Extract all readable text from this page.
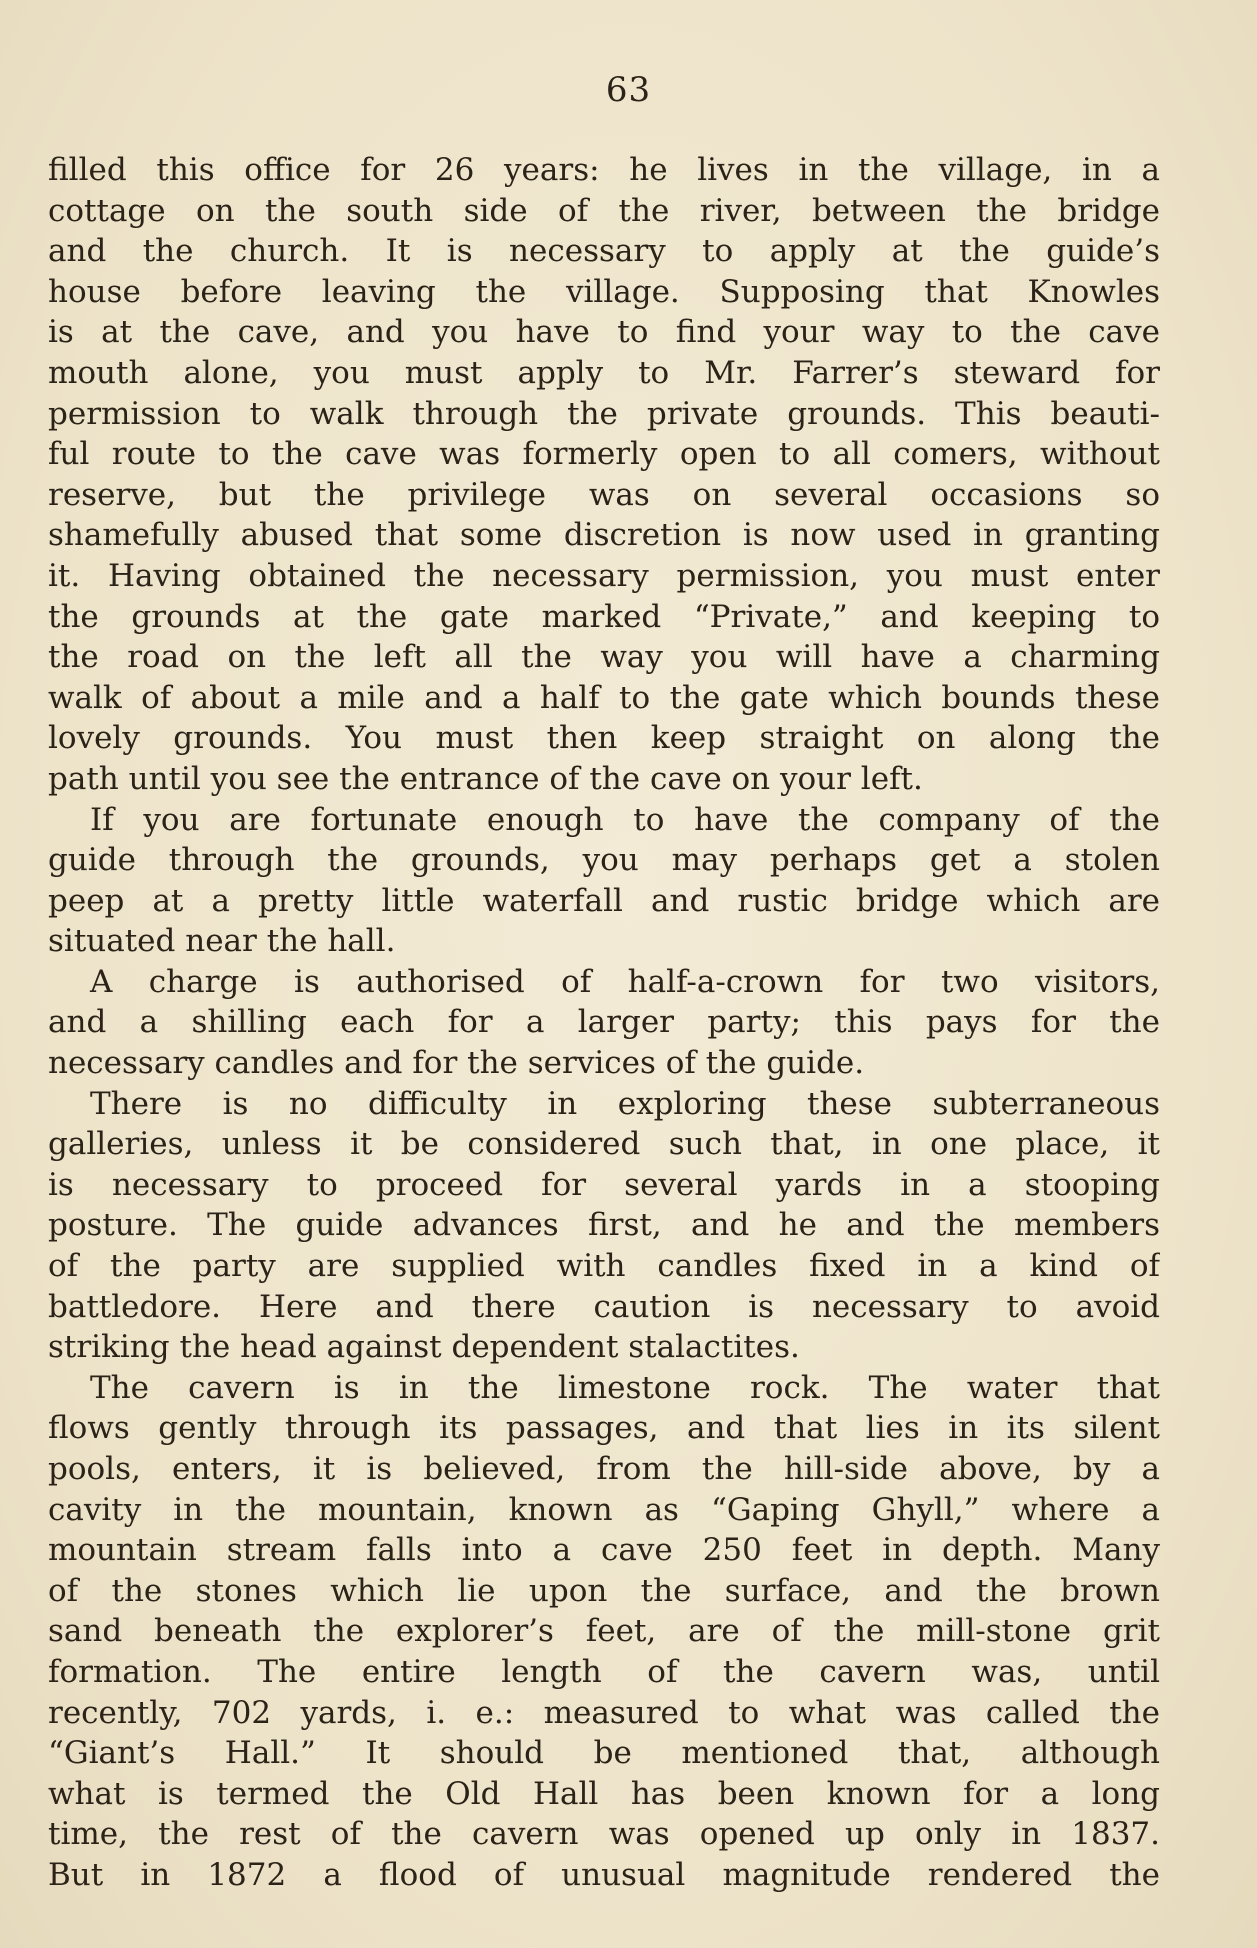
63
filled this office for 26 years: he lives in the village, in a
cottage on the south side of the river, between the bridge
and the church. It is necessary to apply at the guide’s
house before leaving the village. Supposing that Knowles
is at the cave, and you have to find your way to the cave
mouth alone, you must apply to Mr. Farrer’s steward for
permission to walk through the private grounds. This beauti-
ful route to the cave was formerly open to all comers, without
reserve, but the privilege was on several occasions so
shamefully abused that some discretion is now used in granting
it. Having obtained the necessary permission, you must enter
the grounds at the gate marked “Private,” and keeping to
the road on the left all the way you will have a charming
walk of about a mile and a half to the gate which bounds these
lovely grounds. You must then keep straight on along the
path until you see the entrance of the cave on your left.
If you are fortunate enough to have the company of the
guide through the grounds, you may perhaps get a stolen
peep at a pretty little waterfall and rustic bridge which are
situated near the hall.
A charge is authorised of half-a-crown for two visitors,
and a shilling each for a larger party; this pays for the
necessary candles and for the services of the guide.
There is no difficulty in exploring these subterraneous
galleries, unless it be considered such that, in one place, it
is necessary to proceed for several yards in a stooping
posture. The guide advances first, and he and the members
of the party are supplied with candles fixed in a kind of
battledore. Here and there caution is necessary to avoid
striking the head against dependent stalactites.
The cavern is in the limestone rock. The water that
flows gently through its passages, and that lies in its silent
pools, enters, it is believed, from the hill-side above, by a
cavity in the mountain, known as “Gaping Ghyll,” where a
mountain stream falls into a cave 250 feet in depth. Many
of the stones which lie upon the surface, and the brown
sand beneath the explorer’s feet, are of the mill-stone grit
formation. The entire length of the cavern was, until
recently, 702 yards, i. e.: measured to what was called the
“Giant’s Hall.” It should be mentioned that, although
what is termed the Old Hall has been known for a long
time, the rest of the cavern was opened up only in 1837.
But in 1872 a flood of unusual magnitude rendered the
